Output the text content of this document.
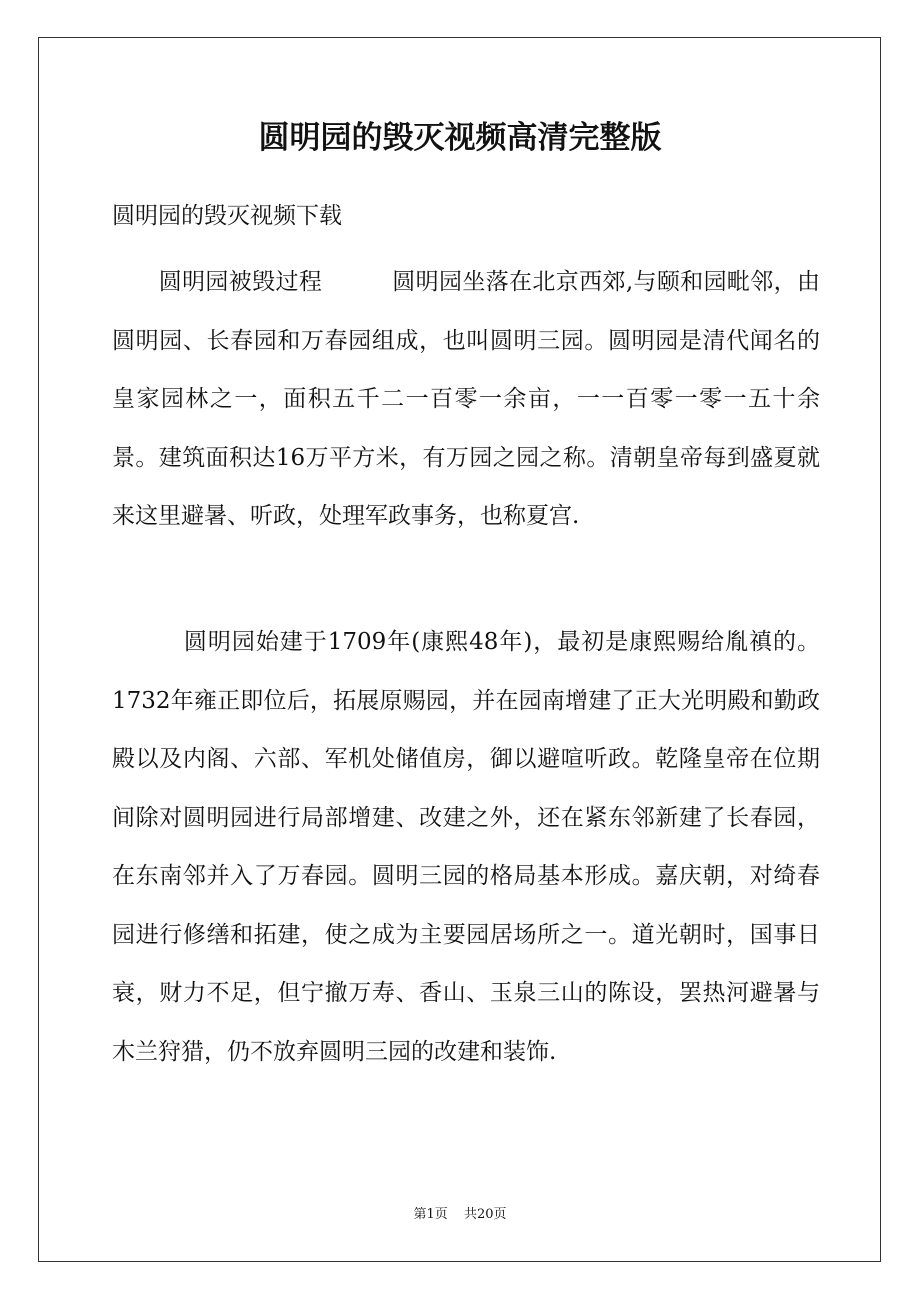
圆明园的毁灭视频高清完整版
圆明园的毁灭视频下载

　　圆明园被毁过程　　　圆明园坐落在北京西郊,与颐和园毗邻，由圆明园、长春园和万春园组成，也叫圆明三园。圆明园是清代闻名的皇家园林之一，面积五千二一百零一余亩，一一百零一零一五十余景。建筑面积达16万平方米，有万园之园之称。清朝皇帝每到盛夏就来这里避暑、听政，处理军政事务，也称夏宫.

　　　圆明园始建于1709年(康熙48年)，最初是康熙赐给胤禛的。1732年雍正即位后，拓展原赐园，并在园南增建了正大光明殿和勤政殿以及内阁、六部、军机处储值房，御以避喧听政。乾隆皇帝在位期间除对圆明园进行局部增建、改建之外，还在紧东邻新建了长春园，在东南邻并入了万春园。圆明三园的格局基本形成。嘉庆朝，对绮春园进行修缮和拓建，使之成为主要园居场所之一。道光朝时，国事日衰，财力不足，但宁撤万寿、香山、玉泉三山的陈设，罢热河避暑与木兰狩猎，仍不放弃圆明三园的改建和装饰.

第1页 共20页
